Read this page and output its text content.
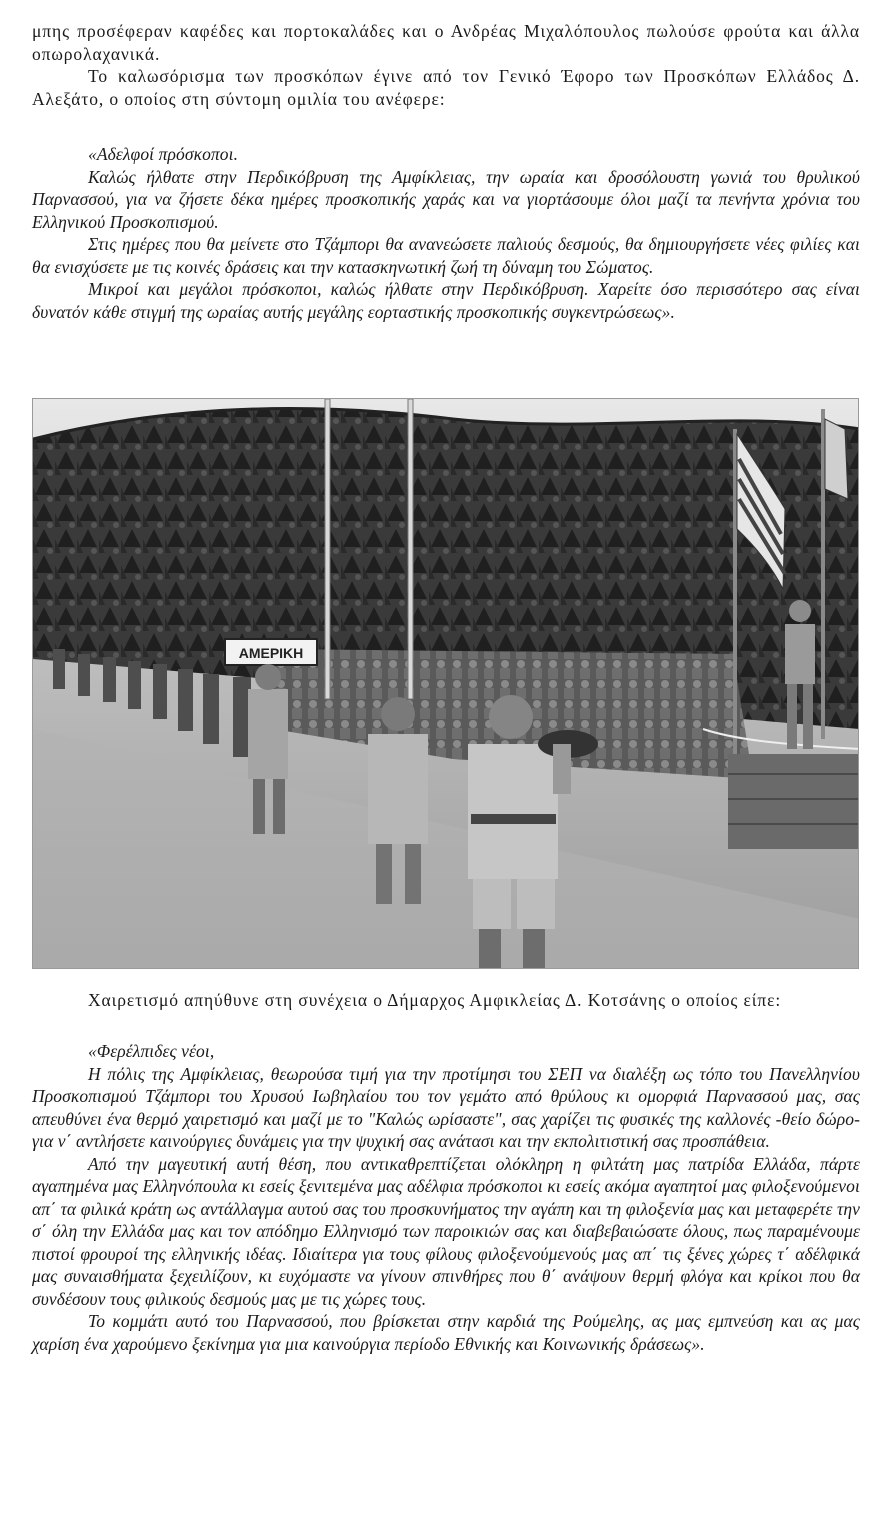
μπης προσέφεραν καφέδες και πορτοκαλάδες και ο Ανδρέας Μιχαλόπουλος πωλούσε φρούτα και άλλα οπωρολαχανικά.

Το καλωσόρισμα των προσκόπων έγινε από τον Γενικό Έφορο των Προσκόπων Ελλάδος Δ. Αλεξάτο, ο οποίος στη σύντομη ομιλία του ανέφερε:

«Αδελφοί πρόσκοποι.

Καλώς ήλθατε στην Περδικόβρυση της Αμφίκλειας, την ωραία και δροσόλουστη γωνιά του θρυλικού Παρνασσού, για να ζήσετε δέκα ημέρες προσκοπικής χαράς και να γιορτάσουμε όλοι μαζί τα πενήντα χρόνια του Ελληνικού Προσκοπισμού.

Στις ημέρες που θα μείνετε στο Τζάμπορι θα ανανεώσετε παλιούς δεσμούς, θα δημιουργήσετε νέες φιλίες και θα ενισχύσετε με τις κοινές δράσεις και την κατασκηνωτική ζωή τη δύναμη του Σώματος.

Μικροί και μεγάλοι πρόσκοποι, καλώς ήλθατε στην Περδικόβρυση. Χαρείτε όσο περισσότερο σας είναι δυνατόν κάθε στιγμή της ωραίας αυτής μεγάλης εορταστικής προσκοπικής συγκεντρώσεως».

ΑΜΕΡΙΚΗ

Χαιρετισμό απηύθυνε στη συνέχεια ο Δήμαρχος Αμφικλείας Δ. Κοτσάνης ο οποίος είπε:

«Φερέλπιδες νέοι,

Η πόλις της Αμφίκλειας, θεωρούσα τιμή για την προτίμησι του ΣΕΠ να διαλέξη ως τόπο του Πανελληνίου Προσκοπισμού Τζάμπορι του Χρυσού Ιωβηλαίου του τον γεμάτο από θρύλους κι ομορφιά Παρνασσού μας, σας απευθύνει ένα θερμό χαιρετισμό και μαζί με το "Καλώς ωρίσαστε", σας χαρίζει τις φυσικές της καλλονές -θείο δώρο- για ν΄ αντλήσετε καινούργιες δυνάμεις για την ψυχική σας ανάτασι και την εκπολιτιστική σας προσπάθεια.

Από την μαγευτική αυτή θέση, που αντικαθρεπτίζεται ολόκληρη η φιλτάτη μας πατρίδα Ελλάδα, πάρτε αγαπημένα μας Ελληνόπουλα κι εσείς ξενιτεμένα μας αδέλφια πρόσκοποι κι εσείς ακόμα αγαπητοί μας φιλοξενούμενοι απ΄ τα φιλικά κράτη ως αντάλλαγμα αυτού σας του προσκυνήματος την αγάπη και τη φιλοξενία μας και μεταφερέτε την σ΄ όλη την Ελλάδα μας και τον απόδημο Ελληνισμό των παροικιών σας και διαβεβαιώσατε όλους, πως παραμένουμε πιστοί φρουροί της ελληνικής ιδέας. Ιδιαίτερα για τους φίλους φιλοξενούμενούς μας απ΄ τις ξένες χώρες τ΄ αδέλφικά μας συναισθήματα ξεχειλίζουν, κι ευχόμαστε να γίνουν σπινθήρες που θ΄ ανάψουν θερμή φλόγα και κρίκοι που θα συνδέσουν τους φιλικούς δεσμούς μας με τις χώρες τους.

Το κομμάτι αυτό του Παρνασσού, που βρίσκεται στην καρδιά της Ρούμελης, ας μας εμπνεύση και ας μας χαρίση ένα χαρούμενο ξεκίνημα για μια καινούργια περίοδο Εθνικής και Κοινωνικής δράσεως».
